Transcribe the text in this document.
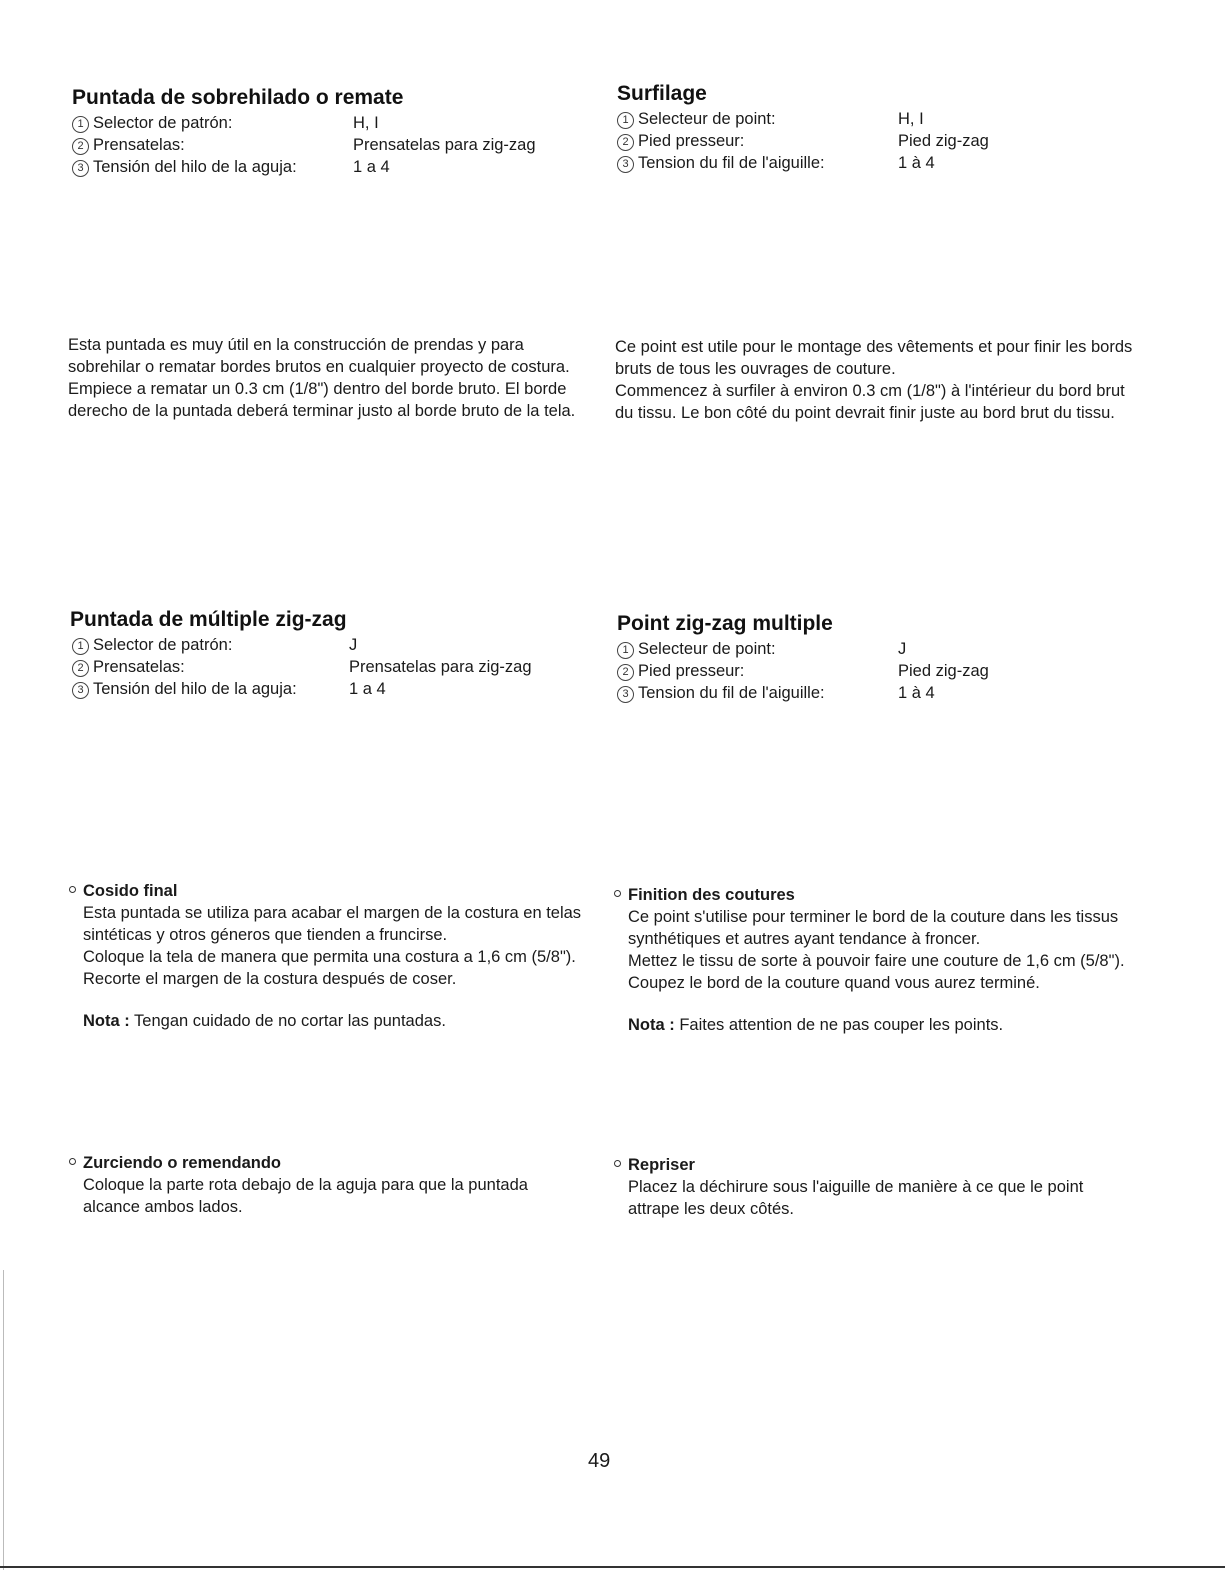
Puntada de sobrehilado o remate
1 Selector de patrón:	H, I
2 Prensatelas:	Prensatelas para zig-zag
3 Tensión del hilo de la aguja:	1 a 4

Esta puntada es muy útil en la construcción de prendas y para sobrehilar o rematar bordes brutos en cualquier proyecto de costura.

Empiece a rematar un 0.3 cm (1/8") dentro del borde bruto. El borde derecho de la puntada deberá terminar justo al borde bruto de la tela.

Surfilage
1 Selecteur de point:	H, I
2 Pied presseur:	Pied zig-zag
3 Tension du fil de l'aiguille:	1 à 4

Ce point est utile pour le montage des vêtements et pour finir les bords bruts de tous les ouvrages de couture.

Commencez à surfiler à environ 0.3 cm (1/8") à l'intérieur du bord brut du tissu. Le bon côté du point devrait finir juste au bord brut du tissu.

Puntada de múltiple zig-zag
1 Selector de patrón:	J
2 Prensatelas:	Prensatelas para zig-zag
3 Tensión del hilo de la aguja:	1 a 4
Point zig-zag multiple
1 Selecteur de point:	J
2 Pied presseur:	Pied zig-zag
3 Tension du fil de l'aiguille:	1 à 4
Cosido final

Esta puntada se utiliza para acabar el margen de la costura en telas sintéticas y otros géneros que tienden a fruncirse.

Coloque la tela de manera que permita una costura a 1,6 cm (5/8").

Recorte el margen de la costura después de coser.

Nota : Tengan cuidado de no cortar las puntadas.

Finition des coutures

Ce point s'utilise pour terminer le bord de la couture dans les tissus synthétiques et autres ayant tendance à froncer.

Mettez le tissu de sorte à pouvoir faire une couture de 1,6 cm (5/8").

Coupez le bord de la couture quand vous aurez terminé.

Nota : Faites attention de ne pas couper les points.

Zurciendo o remendando

Coloque la parte rota debajo de la aguja para que la puntada alcance ambos lados.

Repriser

Placez la déchirure sous l'aiguille de manière à ce que le point attrape les deux côtés.

49
